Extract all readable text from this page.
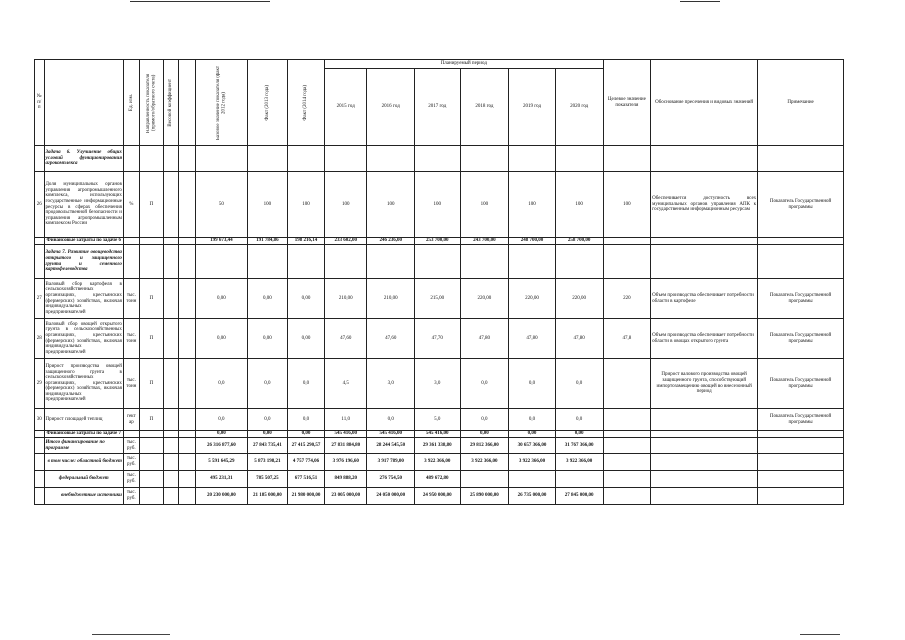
№ п/п		Ед. изм.	Направленность показателя (прямого/обратного счета)	Весовой коэффициент		Базовое значение показателя (факт 2012 года)	Факт (2013 года)	Факт (2014 года)	Планируемый период						Целевое значение показателя	Обоснование пресечения и видовых значений	Примечание
									2015 год	2016 год	2017 год	2018 год	2019 год	2020 год			
	Задача 6. Улучшение общих условий функционирования агрокомплекса																
26	Доля муниципальных органов управления агропромышленного комплекса, использующих государственные информационные ресурсы в сферах обеспечения продовольственной безопасности и управления агропромышленным комплексом России	%	П			50	100	100	100	100	100	100	100	100	100	Обеспечивается доступность всех муниципальных органов управления АПК к государственным информационным ресурсам	Показатель Государственной программы
	Финансовые затраты по задаче 6					199 673,44	191 784,86	198 216,14	233 602,00	246 236,00	253 700,00	243 700,00	248 700,00	258 700,00			
	Задача 7. Развитие овощеводства открытого и защищенного грунта и семенного картофелеводства																
27	Валовый сбор картофеля в сельскохозяйственных организациях, крестьянских (фермерских) хозяйствах, включая индивидуальных предпринимателей	тыс. тонн	П			0,00	0,00	0,00	210,00	210,00	215,00	220,00	220,00	220,00	220	Объем производства обеспечивает потребности области в картофеле	Показатель Государственной программы
28	Валовый сбор овощей открытого грунта в сельскохозяйственных организациях, крестьянских (фермерских) хозяйствах, включая индивидуальных предпринимателей	тыс. тонн	П			0,00	0,00	0,00	47,60	47,60	47,70	47,80	47,80	47,80	47,8	Объем производства обеспечивает потребности области в овощах открытого грунта	Показатель Государственной программы
29	Прирост производства овощей защищенного грунта в сельскохозяйственных организациях, крестьянских (фермерских) хозяйствах, включая индивидуальных предпринимателей	тыс. тонн	П			0,0	0,0	0,0	4,5	3,0	3,0	0,0	0,0	0,0		Прирост валового производства овощей защищенного грунта, способствующий импортозамещению овощей во внесезонный период	Показатель Государственной программы
30	Прирост площадей теплиц	гект ар	П			0,0	0,0	0,0	11,0	0,0	5,0	0,0	0,0	0,0			Показатель Государственной программы
	Финансовые затраты по задаче 7					0,00	0,00	0,00	545 416,00	545 416,00	545 416,00	0,00	0,00	0,00			
	Итого финансирование по программе	тыс. руб.				26 316 877,60	27 843 735,41	27 415 290,57	27 831 884,80	28 244 545,50	29 361 338,80	29 812 366,00	30 657 366,00	31 767 366,00			
	в том числе: областной бюджет	тыс. руб.				5 591 645,29	5 873 198,21	4 757 774,06	3 976 196,60	3 917 789,00	3 922 366,00	3 922 366,00	3 922 366,00	3 922 366,00			
	федеральный бюджет	тыс. руб.				495 231,31	785 507,25	677 516,51	849 888,20	276 754,50	489 672,80						
	внебюджетные источники	тыс. руб.				20 230 000,00	21 185 000,00	21 980 000,00	23 005 000,00	24 050 000,00	24 950 000,00	25 890 000,00	26 735 000,00	27 845 000,00			
